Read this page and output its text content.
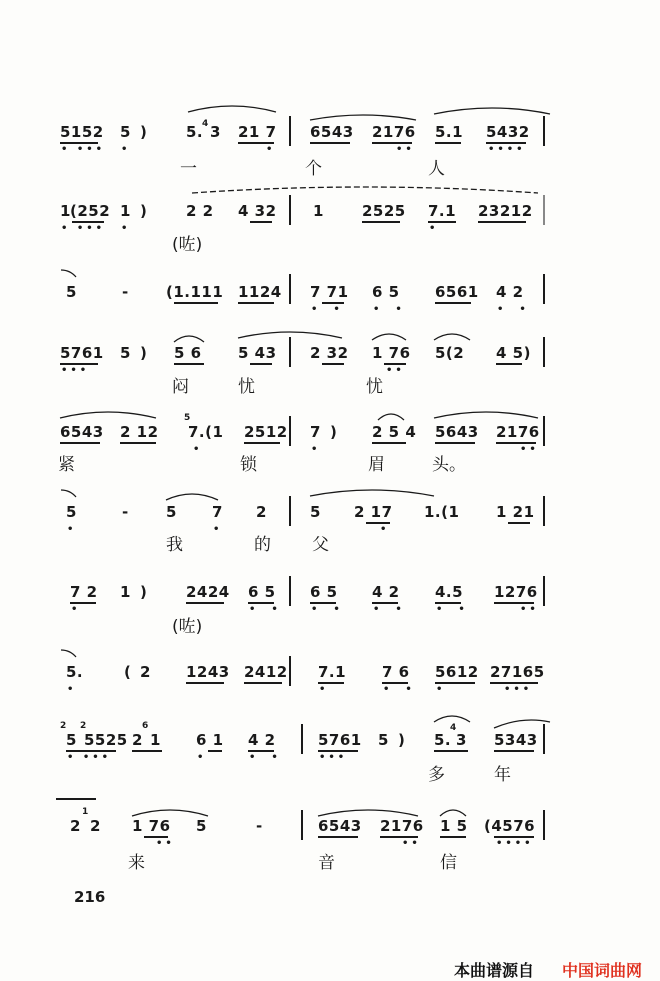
5152
• •••
5
•
)	5.
4 3 21 7
•
6543 2176
••
5.1 5432
••••
一	个	人
1 (252
• •••
1
•
)	2 2 4 32 1	2525 7.1
•
23212
(咗)
5	- (1.111 1124 7 71
•  •
6 5
•  •
6561 4 2
•  •
5761
•••
5 ) 5 6 5 43 2 32 1 76
••
5(2 4 5)
闷	忧	忧
6543 2 12
5
7.(1
•
2512 7
•
) 2 5 4 5643 2176
••
紧	锁	眉	头。
5
•
- 5 7
•
2	5 2 17
•
1.(1 1 21
我	的 父
7 2
•
1 )	2424 6 5
•  •
6 5
•  •
4 2
•  •
4.5
•  •
1276
••
(咗)
5.
•
( 2 1243 2412 7.1
•
7 6
•  •
5612
•
27165
•••
2
5
2
5525
• •••
6
2 1 6 1
•
4 2
•  •
5761
•••
5 ) 5.
4
3 5343
多	年
1
2 2 1 76
••
5	-	6543 2176
••
1 5 (4576
••••
来	音	信
216
本曲谱源自 中国词曲网
